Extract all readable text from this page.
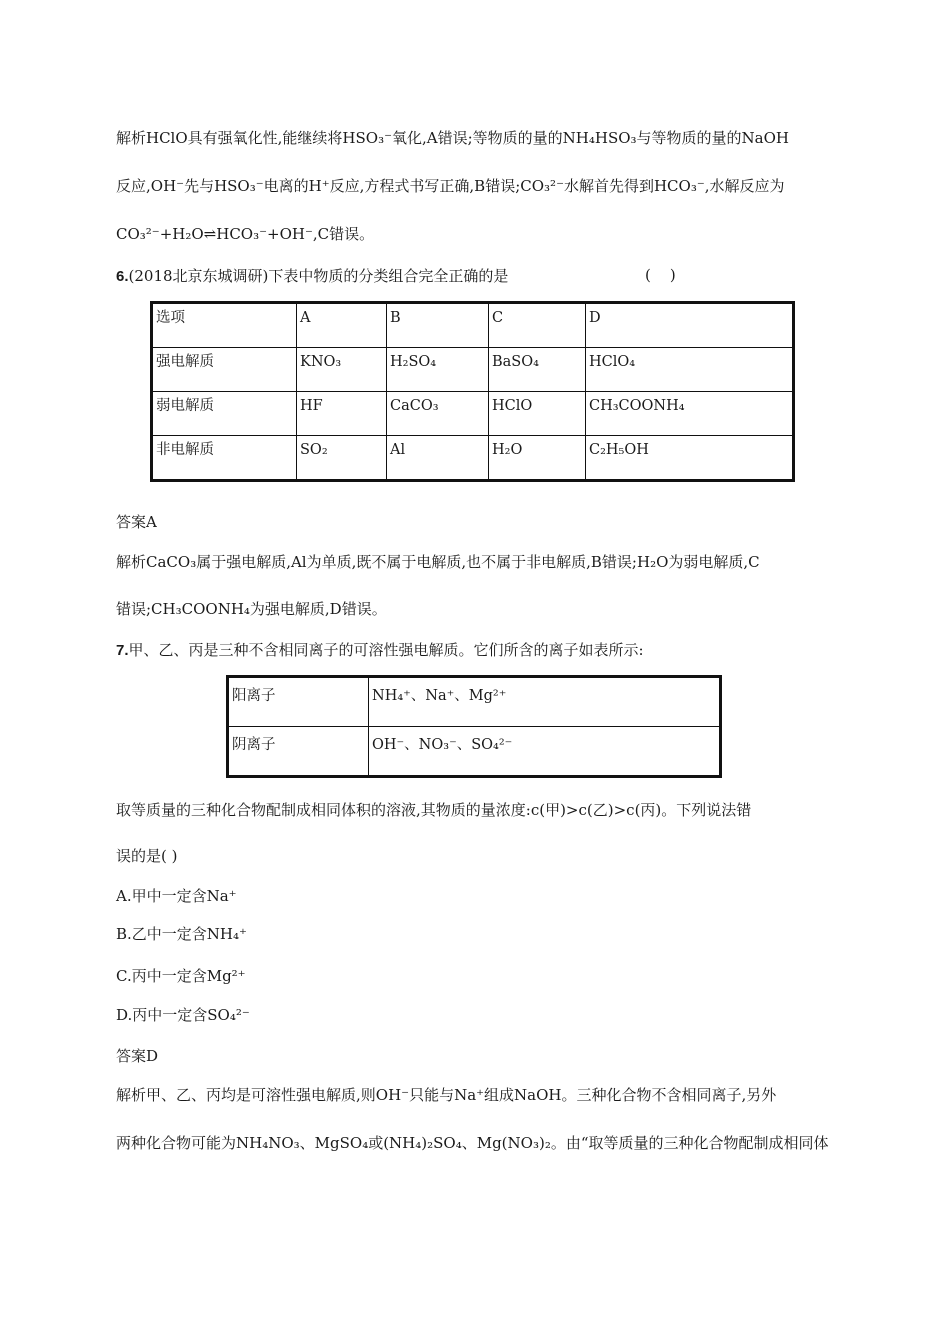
解析HClO具有强氧化性,能继续将HSO₃⁻氧化,A错误;等物质的量的NH₄HSO₃与等物质的量的NaOH
反应,OH⁻先与HSO₃⁻电离的H⁺反应,方程式书写正确,B错误;CO₃²⁻水解首先得到HCO₃⁻,水解反应为
CO₃²⁻+H₂O⇌HCO₃⁻+OH⁻,C错误。
6.(2018北京东城调研)下表中物质的分类组合完全正确的是	(    )
选项	A	B	C	D
强电解质	KNO₃	H₂SO₄	BaSO₄	HClO₄
弱电解质	HF	CaCO₃	HClO	CH₃COONH₄
非电解质	SO₂	Al	H₂O	C₂H₅OH
答案A
解析CaCO₃属于强电解质,Al为单质,既不属于电解质,也不属于非电解质,B错误;H₂O为弱电解质,C
错误;CH₃COONH₄为强电解质,D错误。
7.甲、乙、丙是三种不含相同离子的可溶性强电解质。它们所含的离子如表所示:
阳离子	NH₄⁺、Na⁺、Mg²⁺
阴离子	OH⁻、NO₃⁻、SO₄²⁻
取等质量的三种化合物配制成相同体积的溶液,其物质的量浓度:c(甲)>c(乙)>c(丙)。下列说法错
误的是( )
A.甲中一定含Na⁺
B.乙中一定含NH₄⁺
C.丙中一定含Mg²⁺
D.丙中一定含SO₄²⁻
答案D
解析甲、乙、丙均是可溶性强电解质,则OH⁻只能与Na⁺组成NaOH。三种化合物不含相同离子,另外
两种化合物可能为NH₄NO₃、MgSO₄或(NH₄)₂SO₄、Mg(NO₃)₂。由“取等质量的三种化合物配制成相同体
